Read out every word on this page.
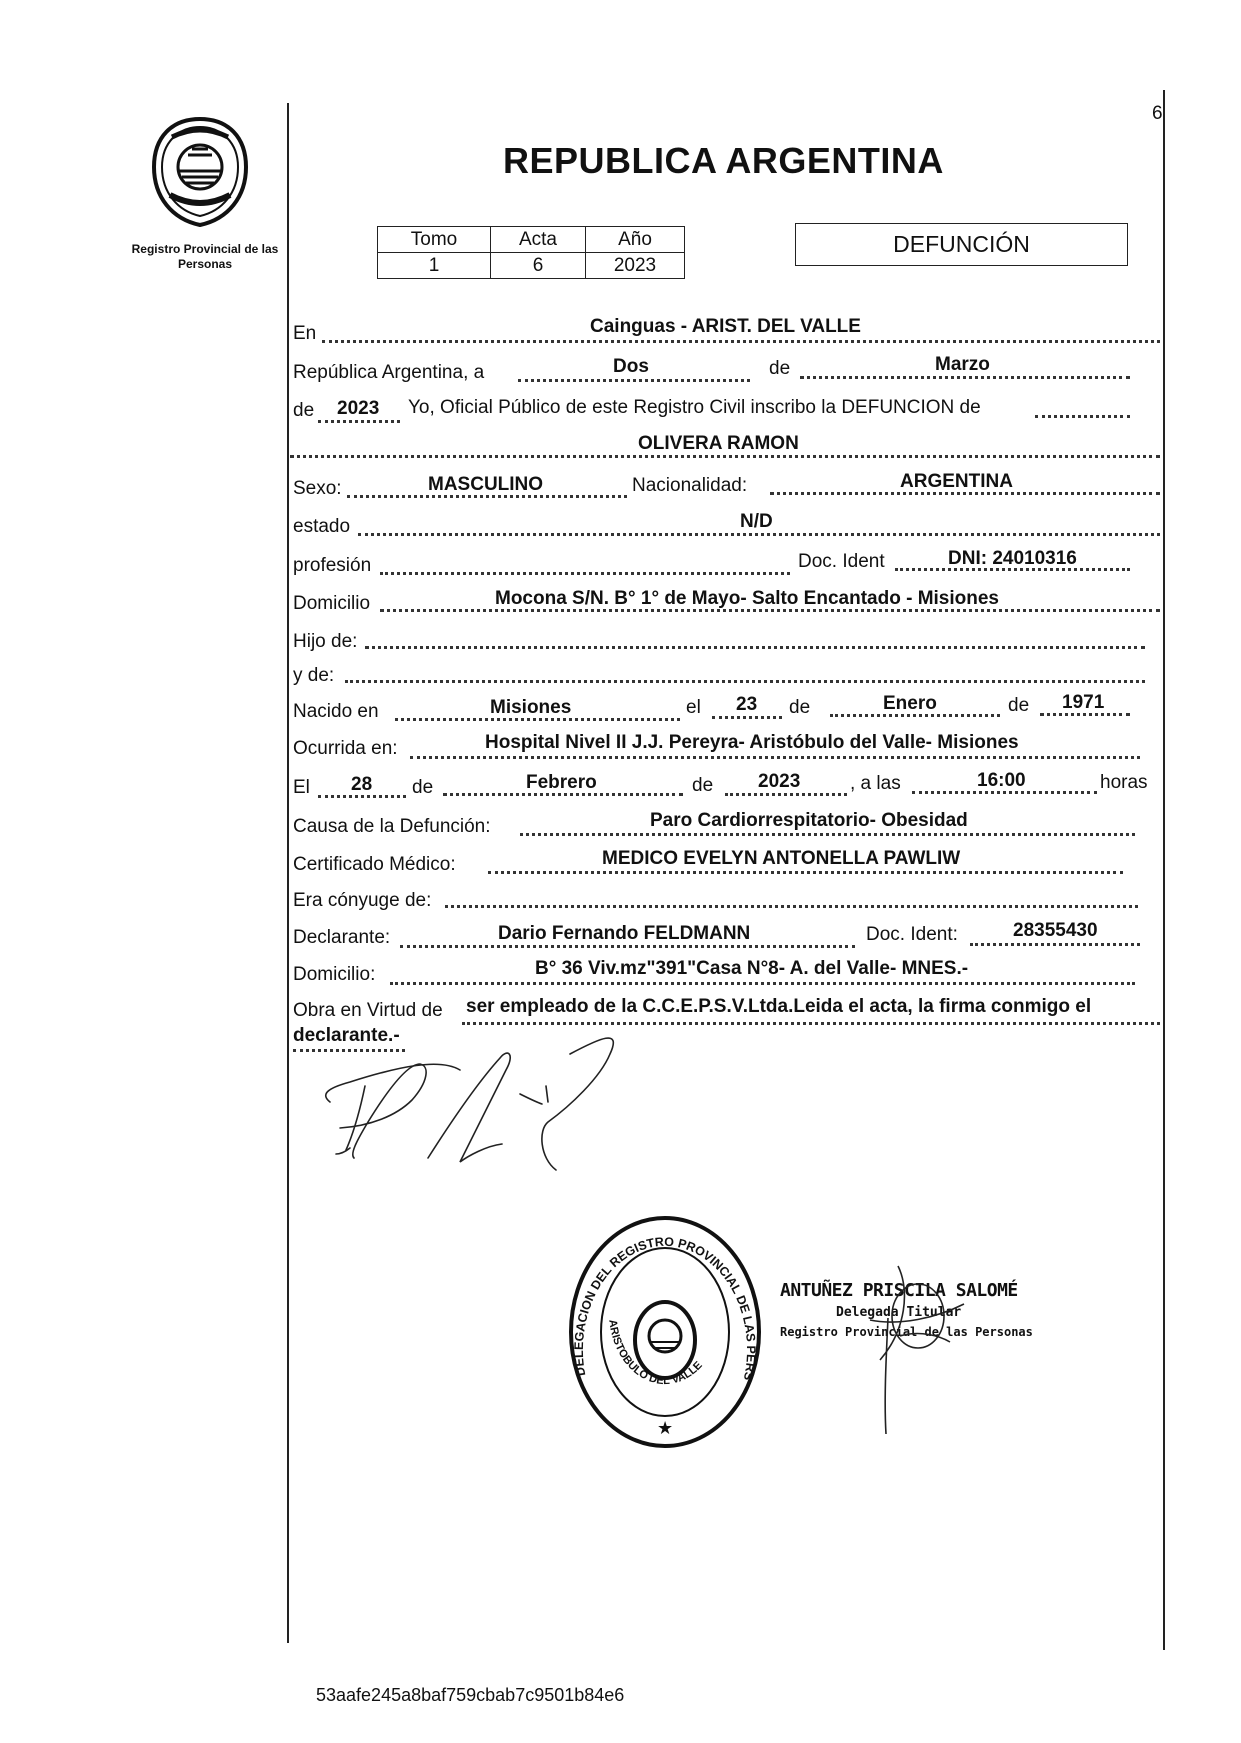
6
Registro Provincial de las Personas
REPUBLICA ARGENTINA
Tomo	Acta	Año
1	6	2023
DEFUNCIÓN
En	Cainguas - ARIST. DEL VALLE
República Argentina, a	Dos	de	Marzo
de 2023 Yo, Oficial Público de este Registro Civil inscribo la DEFUNCION de
OLIVERA RAMON
Sexo:	MASCULINO	Nacionalidad:	ARGENTINA
estado	N/D
profesión	Doc. Ident	DNI: 24010316
Domicilio	Mocona S/N. B° 1° de Mayo- Salto Encantado - Misiones
Hijo de:
y de:
Nacido en	Misiones	el 23 de	Enero	de 1971
Ocurrida en:	Hospital Nivel II J.J. Pereyra- Aristóbulo del Valle- Misiones
El 28 de	Febrero	de 2023	, a las	16:00	horas
Causa de la Defunción:	Paro Cardiorrespitatorio- Obesidad
Certificado Médico:	MEDICO EVELYN ANTONELLA PAWLIW
Era cónyuge de:
Declarante:	Dario Fernando FELDMANN	Doc. Ident:	28355430
Domicilio:	B° 36 Viv.mz"391"Casa N°8- A. del Valle- MNES.-
Obra en Virtud de ser empleado de la C.C.E.P.S.V.Ltda.Leida el acta, la firma conmigo el
declarante.-
DELEGACION DEL REGISTRO PROVINCIAL DE LAS PERS
ARISTOBULO DEL VALLE
★
ANTUÑEZ PRISCILA SALOMÉ
Delegada Titular
Registro Provincial de las Personas
53aafe245a8baf759cbab7c9501b84e6
